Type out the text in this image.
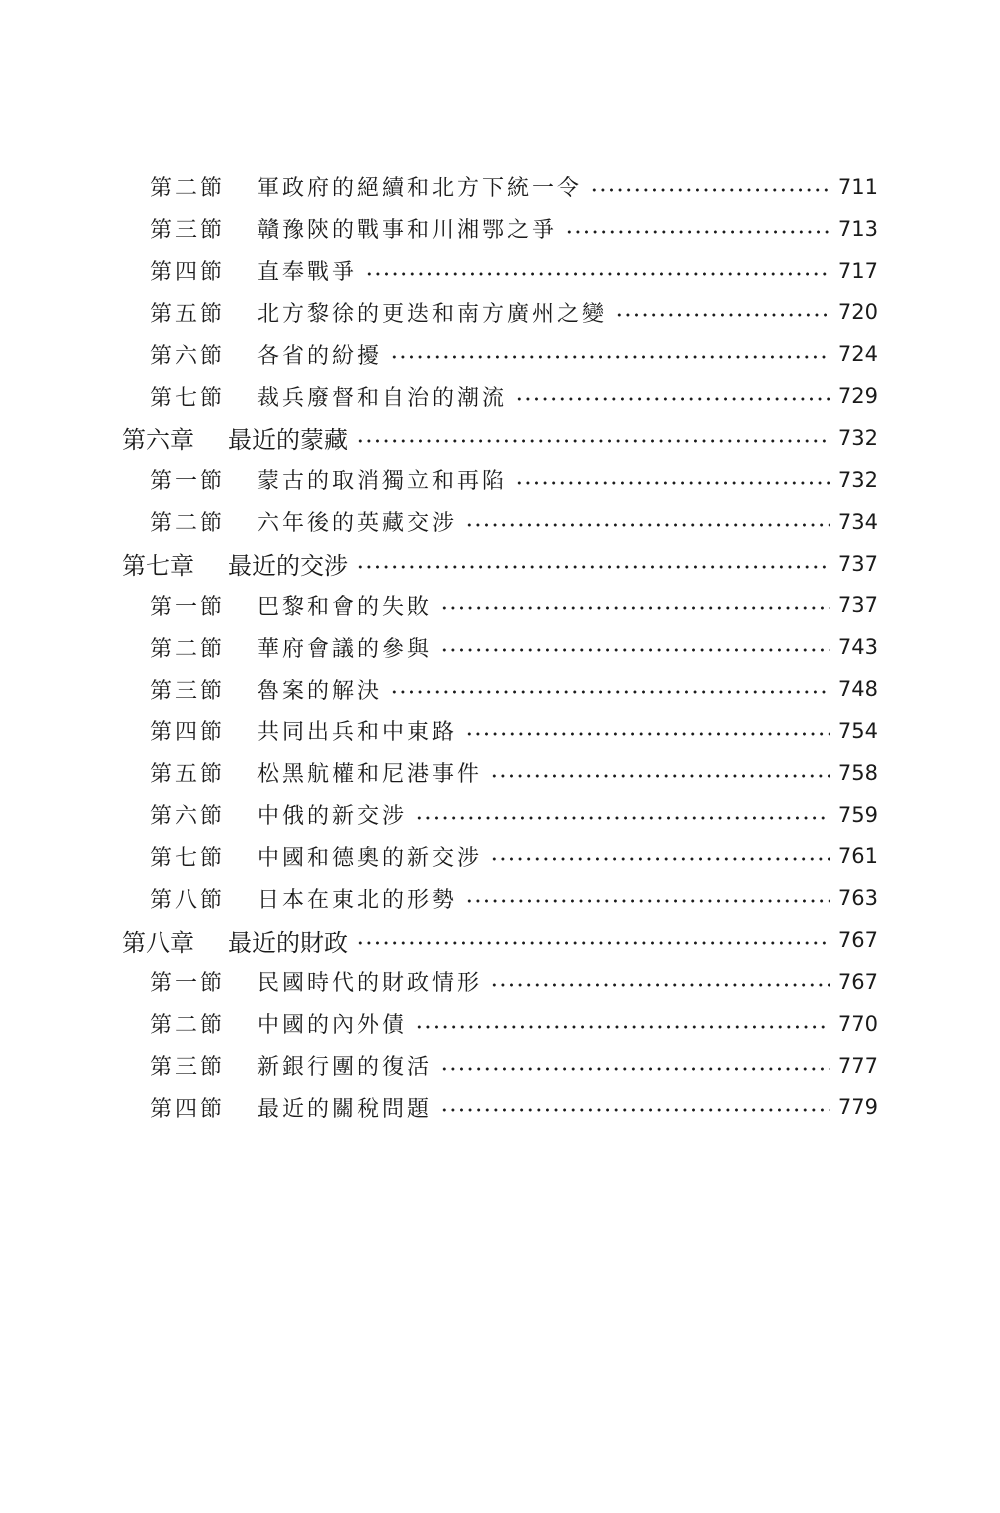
第二節	軍政府的絕續和北方下統一令	711
第三節	贛豫陝的戰事和川湘鄂之爭	713
第四節	直奉戰爭	717
第五節	北方黎徐的更迭和南方廣州之變	720
第六節	各省的紛擾	724
第七節	裁兵廢督和自治的潮流	729
第六章	最近的蒙藏	732
第一節	蒙古的取消獨立和再陷	732
第二節	六年後的英藏交涉	734
第七章	最近的交涉	737
第一節	巴黎和會的失敗	737
第二節	華府會議的參與	743
第三節	魯案的解決	748
第四節	共同出兵和中東路	754
第五節	松黑航權和尼港事件	758
第六節	中俄的新交涉	759
第七節	中國和德奧的新交涉	761
第八節	日本在東北的形勢	763
第八章	最近的財政	767
第一節	民國時代的財政情形	767
第二節	中國的內外債	770
第三節	新銀行團的復活	777
第四節	最近的關稅問題	779
